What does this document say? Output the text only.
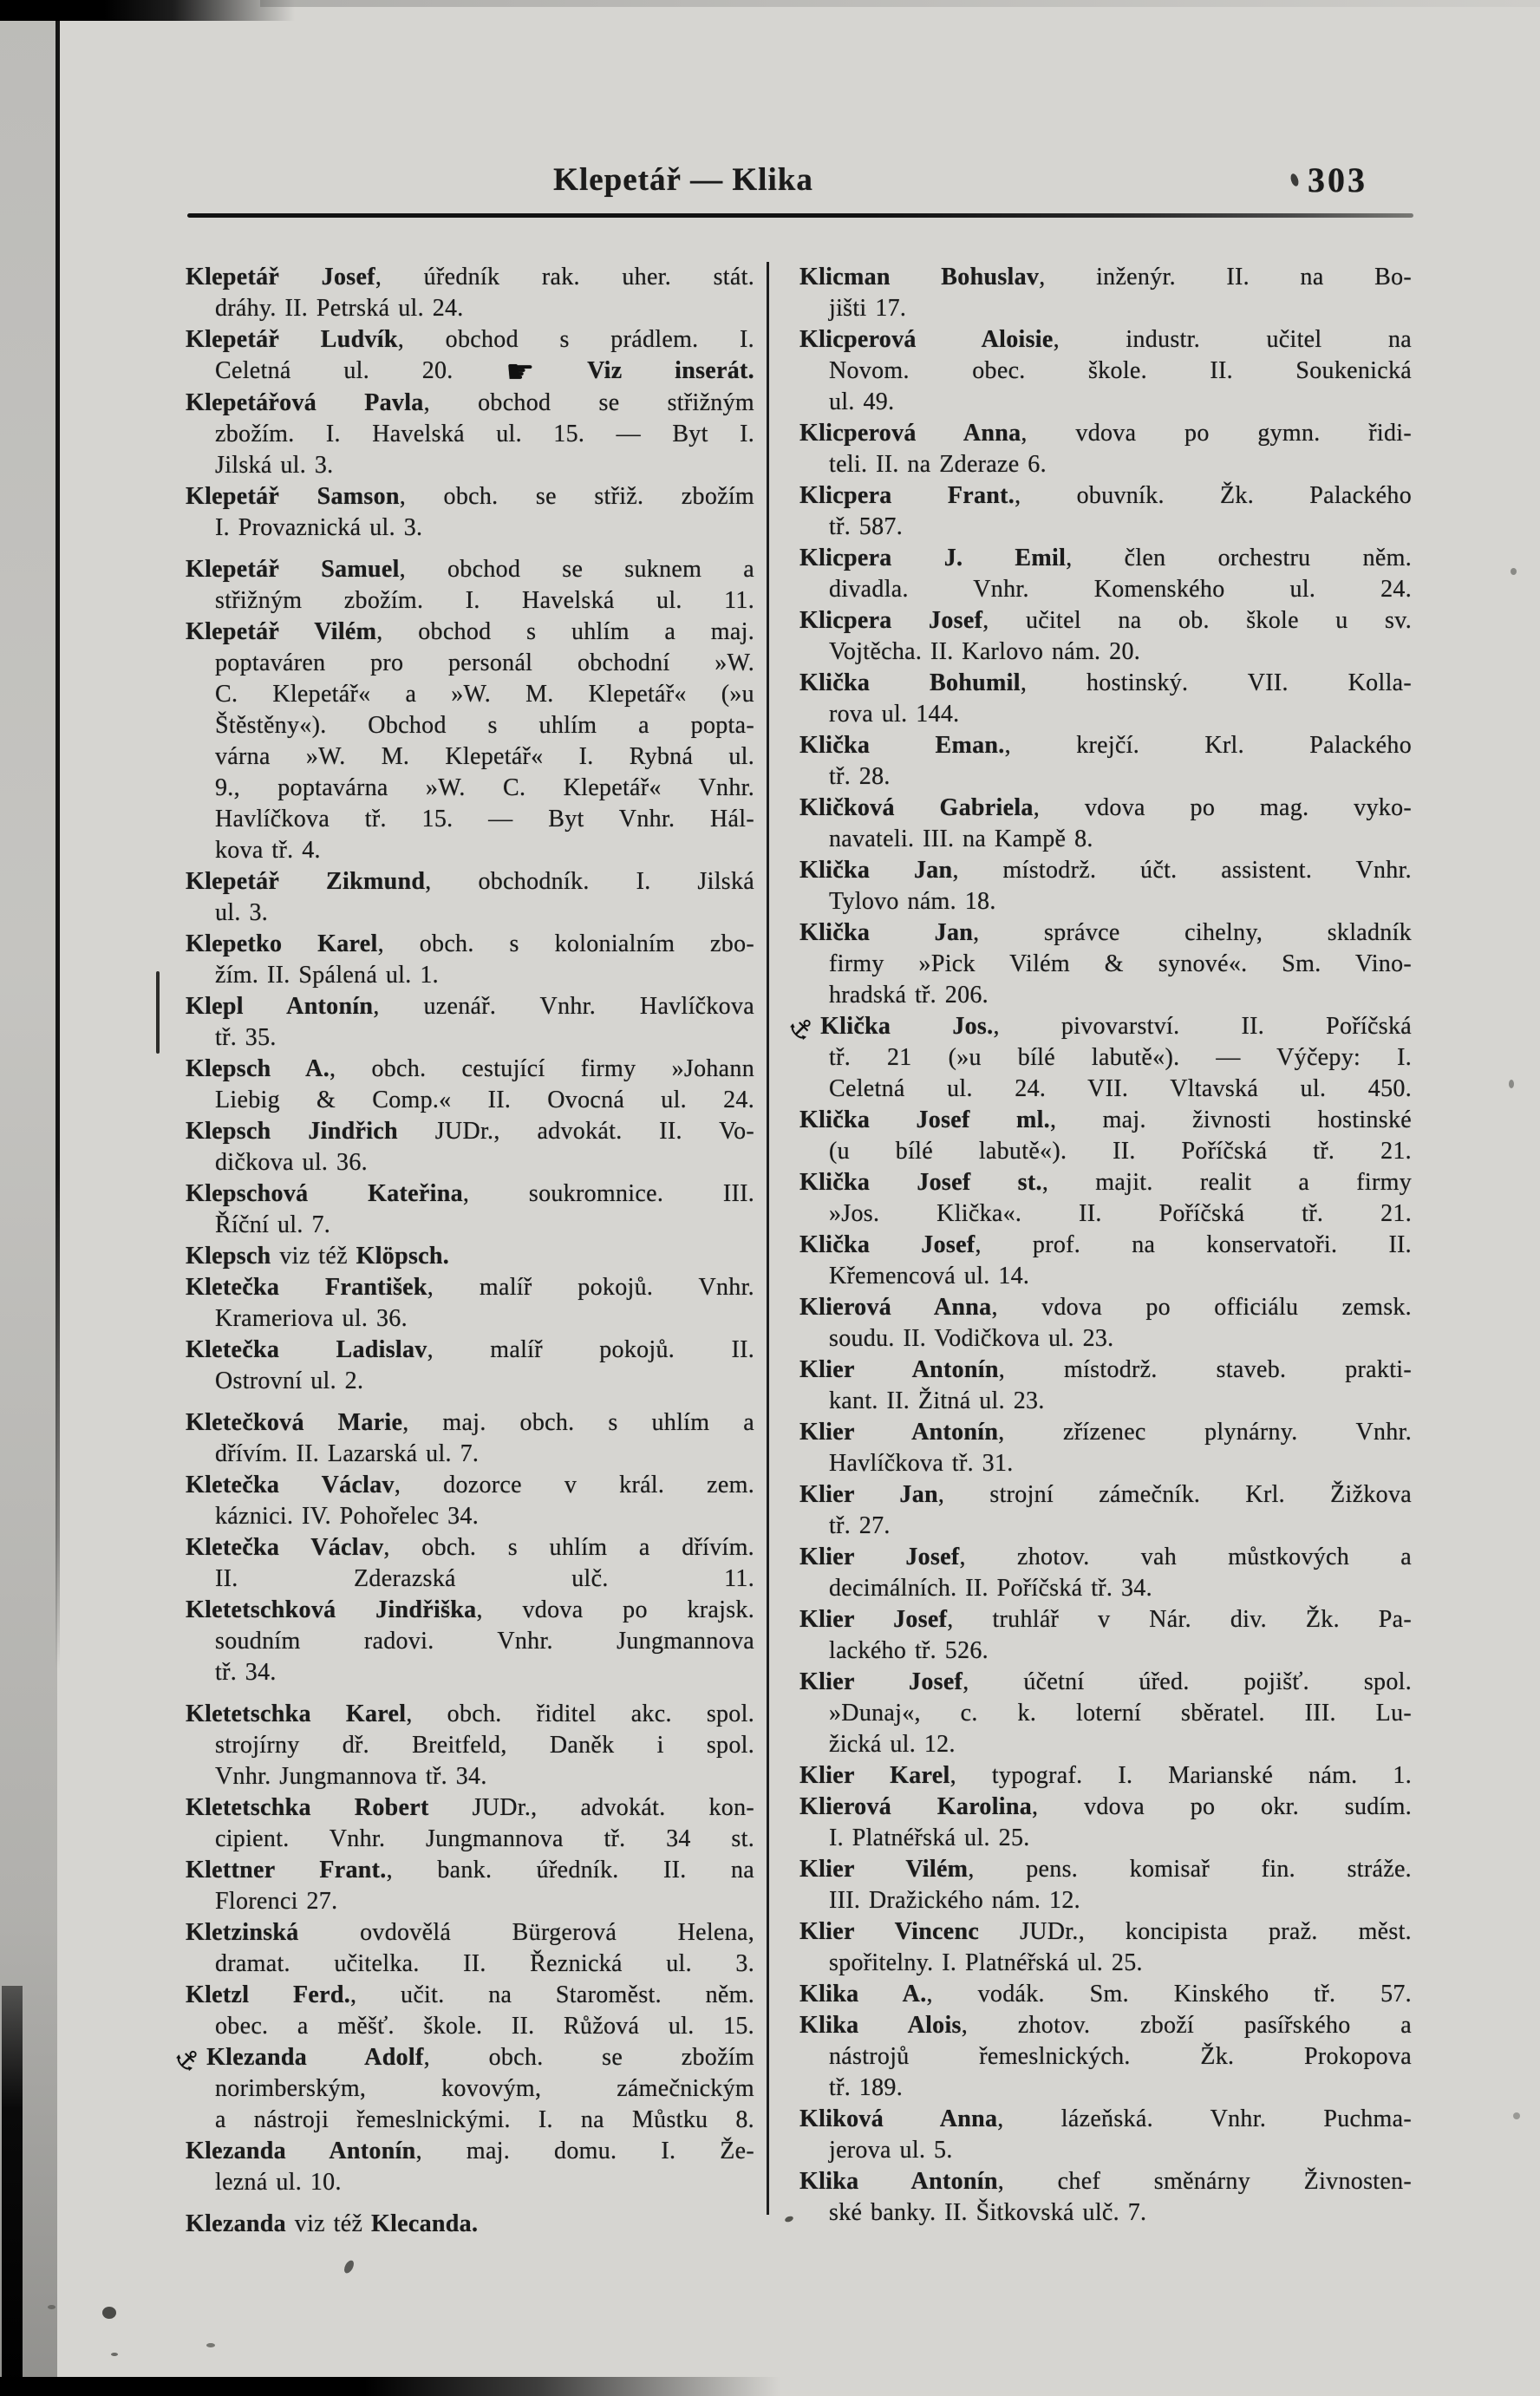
Klepetář — Klika	303
Klepetář Josef, úředník rak. uher. stát.
dráhy. II. Petrská ul. 24.
Klepetář Ludvík, obchod s prádlem. I.
Celetná ul. 20. ☛ Viz inserát.
Klepetářová Pavla, obchod se střižným
zbožím. I. Havelská ul. 15. — Byt I.
Jilská ul. 3.
Klepetář Samson, obch. se střiž. zbožím
I. Provaznická ul. 3.
Klepetář Samuel, obchod se suknem a
střižným zbožím. I. Havelská ul. 11.
Klepetář Vilém, obchod s uhlím a maj.
poptaváren pro personál obchodní »W.
C. Klepetář« a »W. M. Klepetář« (»u
Štěstěny«). Obchod s uhlím a popta-
várna »W. M. Klepetář« I. Rybná ul.
9., poptavárna »W. C. Klepetář« Vnhr.
Havlíčkova tř. 15. — Byt Vnhr. Hál-
kova tř. 4.
Klepetář Zikmund, obchodník. I. Jilská
ul. 3.
Klepetko Karel, obch. s kolonialním zbo-
žím. II. Spálená ul. 1.
Klepl Antonín, uzenář. Vnhr. Havlíčkova
tř. 35.
Klepsch A., obch. cestující firmy »Johann
Liebig & Comp.« II. Ovocná ul. 24.
Klepsch Jindřich JUDr., advokát. II. Vo-
dičkova ul. 36.
Klepschová Kateřina, soukromnice. III.
Říční ul. 7.
Klepsch viz též Klöpsch.
Kletečka František, malíř pokojů. Vnhr.
Krameriova ul. 36.
Kletečka Ladislav, malíř pokojů. II.
Ostrovní ul. 2.
Kletečková Marie, maj. obch. s uhlím a
dřívím. II. Lazarská ul. 7.
Kletečka Václav, dozorce v král. zem.
káznici. IV. Pohořelec 34.
Kletečka Václav, obch. s uhlím a dřívím.
II. Zderazská ulč. 11.
Kletetschková Jindřiška, vdova po krajsk.
soudním radovi. Vnhr. Jungmannova
tř. 34.
Kletetschka Karel, obch. řiditel akc. spol.
strojírny dř. Breitfeld, Daněk i spol.
Vnhr. Jungmannova tř. 34.
Kletetschka Robert JUDr., advokát. kon-
cipient. Vnhr. Jungmannova tř. 34 st.
Klettner Frant., bank. úředník. II. na
Florenci 27.
Kletzinská ovdovělá Bürgerová Helena,
dramat. učitelka. II. Řeznická ul. 3.
Kletzl Ferd., učit. na Staroměst. něm.
obec. a měšť. škole. II. Růžová ul. 15.
⚓Klezanda Adolf, obch. se zbožím
norimberským, kovovým, zámečnickým
a nástroji řemeslnickými. I. na Můstku 8.
Klezanda Antonín, maj. domu. I. Že-
lezná ul. 10.
Klezanda viz též Klecanda.
Klicman Bohuslav, inženýr. II. na Bo-
jišti 17.
Klicperová Aloisie, industr. učitel na
Novom. obec. škole. II. Soukenická
ul. 49.
Klicperová Anna, vdova po gymn. řidi-
teli. II. na Zderaze 6.
Klicpera Frant., obuvník. Žk. Palackého
tř. 587.
Klicpera J. Emil, člen orchestru něm.
divadla. Vnhr. Komenského ul. 24.
Klicpera Josef, učitel na ob. škole u sv.
Vojtěcha. II. Karlovo nám. 20.
Klička Bohumil, hostinský. VII. Kolla-
rova ul. 144.
Klička Eman., krejčí. Krl. Palackého
tř. 28.
Kličková Gabriela, vdova po mag. vyko-
navateli. III. na Kampě 8.
Klička Jan, místodrž. účt. assistent. Vnhr.
Tylovo nám. 18.
Klička Jan, správce cihelny, skladník
firmy »Pick Vilém & synové«. Sm. Vino-
hradská tř. 206.
⚓Klička Jos., pivovarství. II. Poříčská
tř. 21 (»u bílé labutě«). — Výčepy: I.
Celetná ul. 24. VII. Vltavská ul. 450.
Klička Josef ml., maj. živnosti hostinské
(u bílé labutě«). II. Poříčská tř. 21.
Klička Josef st., majit. realit a firmy
»Jos. Klička«. II. Poříčská tř. 21.
Klička Josef, prof. na konservatoři. II.
Křemencová ul. 14.
Klierová Anna, vdova po officiálu zemsk.
soudu. II. Vodičkova ul. 23.
Klier Antonín, místodrž. staveb. prakti-
kant. II. Žitná ul. 23.
Klier Antonín, zřízenec plynárny. Vnhr.
Havlíčkova tř. 31.
Klier Jan, strojní zámečník. Krl. Žižkova
tř. 27.
Klier Josef, zhotov. vah můstkových a
decimálních. II. Poříčská tř. 34.
Klier Josef, truhlář v Nár. div. Žk. Pa-
lackého tř. 526.
Klier Josef, účetní úřed. pojišť. spol.
»Dunaj«, c. k. loterní sběratel. III. Lu-
žická ul. 12.
Klier Karel, typograf. I. Marianské nám. 1.
Klierová Karolina, vdova po okr. sudím.
I. Platnéřská ul. 25.
Klier Vilém, pens. komisař fin. stráže.
III. Dražického nám. 12.
Klier Vincenc JUDr., koncipista praž. měst.
spořitelny. I. Platnéřská ul. 25.
Klika A., vodák. Sm. Kinského tř. 57.
Klika Alois, zhotov. zboží pasířského a
nástrojů řemeslnických. Žk. Prokopova
tř. 189.
Kliková Anna, lázeňská. Vnhr. Puchma-
jerova ul. 5.
Klika Antonín, chef směnárny Živnosten-
ské banky. II. Šitkovská ulč. 7.
